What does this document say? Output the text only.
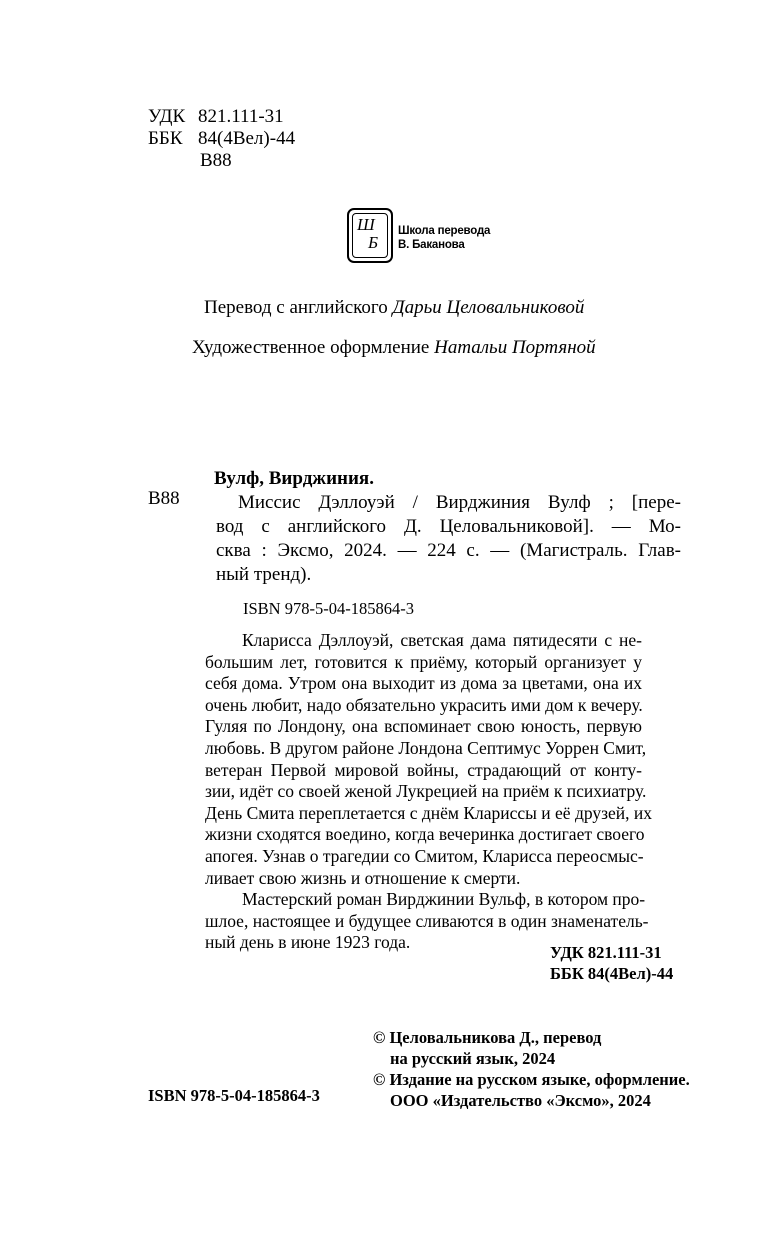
УДК 821.111-31
ББК 84(4Вел)-44
В88
Ш
Б
Школа перевода
В. Баканова
Перевод с английского Дарьи Целовальниковой
Художественное оформление Натальи Портяной
Вулф, Вирджиния.
В88	Миссис Дэллоуэй / Вирджиния Вулф ; [пере-
вод с английского Д. Целовальниковой]. — Мо-
сква : Эксмо, 2024. — 224 с. — (Магистраль. Глав-
ный тренд).
ISBN 978-5-04-185864-3
Кларисса Дэллоуэй, светская дама пятидесяти с не-
большим лет, готовится к приёму, который организует у
себя дома. Утром она выходит из дома за цветами, она их
очень любит, надо обязательно украсить ими дом к вечеру.
Гуляя по Лондону, она вспоминает свою юность, первую
любовь. В другом районе Лондона Септимус Уоррен Смит,
ветеран Первой мировой войны, страдающий от конту-
зии, идёт со своей женой Лукрецией на приём к психиатру.
День Смита переплетается с днём Клариссы и её друзей, их
жизни сходятся воедино, когда вечеринка достигает своего
апогея. Узнав о трагедии со Смитом, Кларисса переосмыс-
ливает свою жизнь и отношение к смерти.
Мастерский роман Вирджинии Вульф, в котором про-
шлое, настоящее и будущее сливаются в один знаменатель-
ный день в июне 1923 года.
УДК 821.111-31
ББК 84(4Вел)-44
© Целовальникова Д., перевод
на русский язык, 2024
© Издание на русском языке, оформление.
ООО «Издательство «Эксмо», 2024
ISBN 978-5-04-185864-3
